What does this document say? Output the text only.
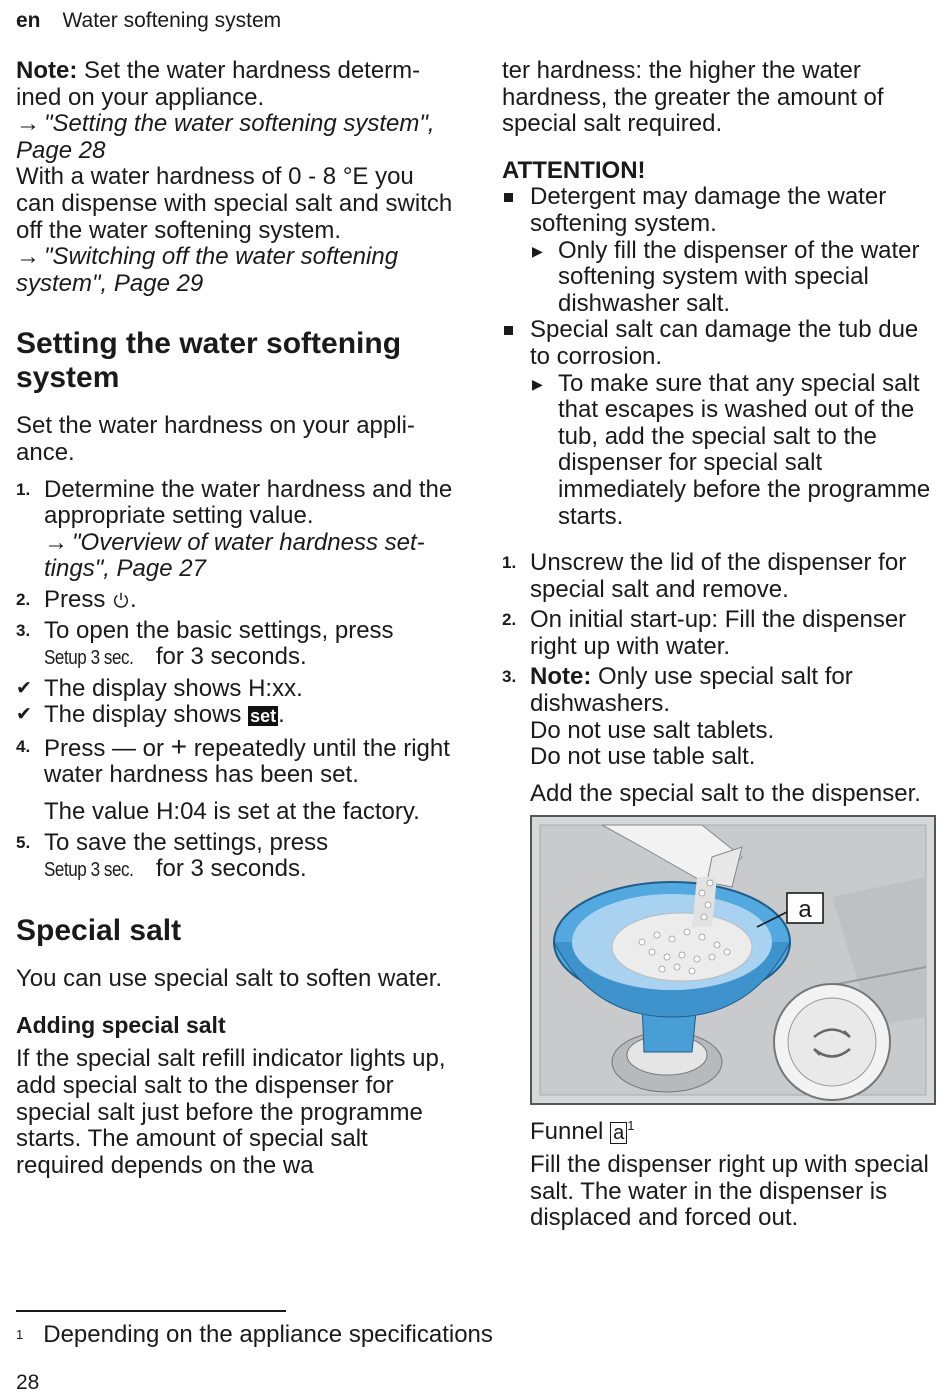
en Water softening system

Note: Set the water hardness determined on your appliance.

→ "Setting the water softening system", Page 28

With a water hardness of 0 - 8 °E you can dispense with special salt and switch off the water softening system.

→ "Switching off the water softening system", Page 29

Setting the water softening system

Set the water hardness on your appliance.

1. Determine the water hardness and the appropriate setting value.
→ "Overview of water hardness settings", Page 27
2. Press .
3. To open the basic settings, press
Setup 3 sec. for 3 seconds.
✔ The display shows H:xx.
✔ The display shows set.
4. Press — or + repeatedly until the right water hardness has been set.

The value H:04 is set at the factory.

5. To save the settings, press
Setup 3 sec. for 3 seconds.
Special salt

You can use special salt to soften water.

Adding special salt

If the special salt refill indicator lights up, add special salt to the dispenser for special salt just before the programme starts. The amount of special salt required depends on the wa

ter hardness: the higher the water hardness, the greater the amount of special salt required.

ATTENTION!

Detergent may damage the water softening system.
▶ Only fill the dispenser of the water softening system with special dishwasher salt.
Special salt can damage the tub due to corrosion.
▶ To make sure that any special salt that escapes is washed out of the tub, add the special salt to the dispenser for special salt immediately before the programme starts.
1. Unscrew the lid of the dispenser for special salt and remove.
2. On initial start-up: Fill the dispenser right up with water.
3. Note: Only use special salt for dishwashers.

Do not use salt tablets.

Do not use table salt.

Add the special salt to the dispenser.

a

Funnel a $^1$

Fill the dispenser right up with special salt. The water in the dispenser is displaced and forced out.

$^1$ Depending on the appliance specifications
28
